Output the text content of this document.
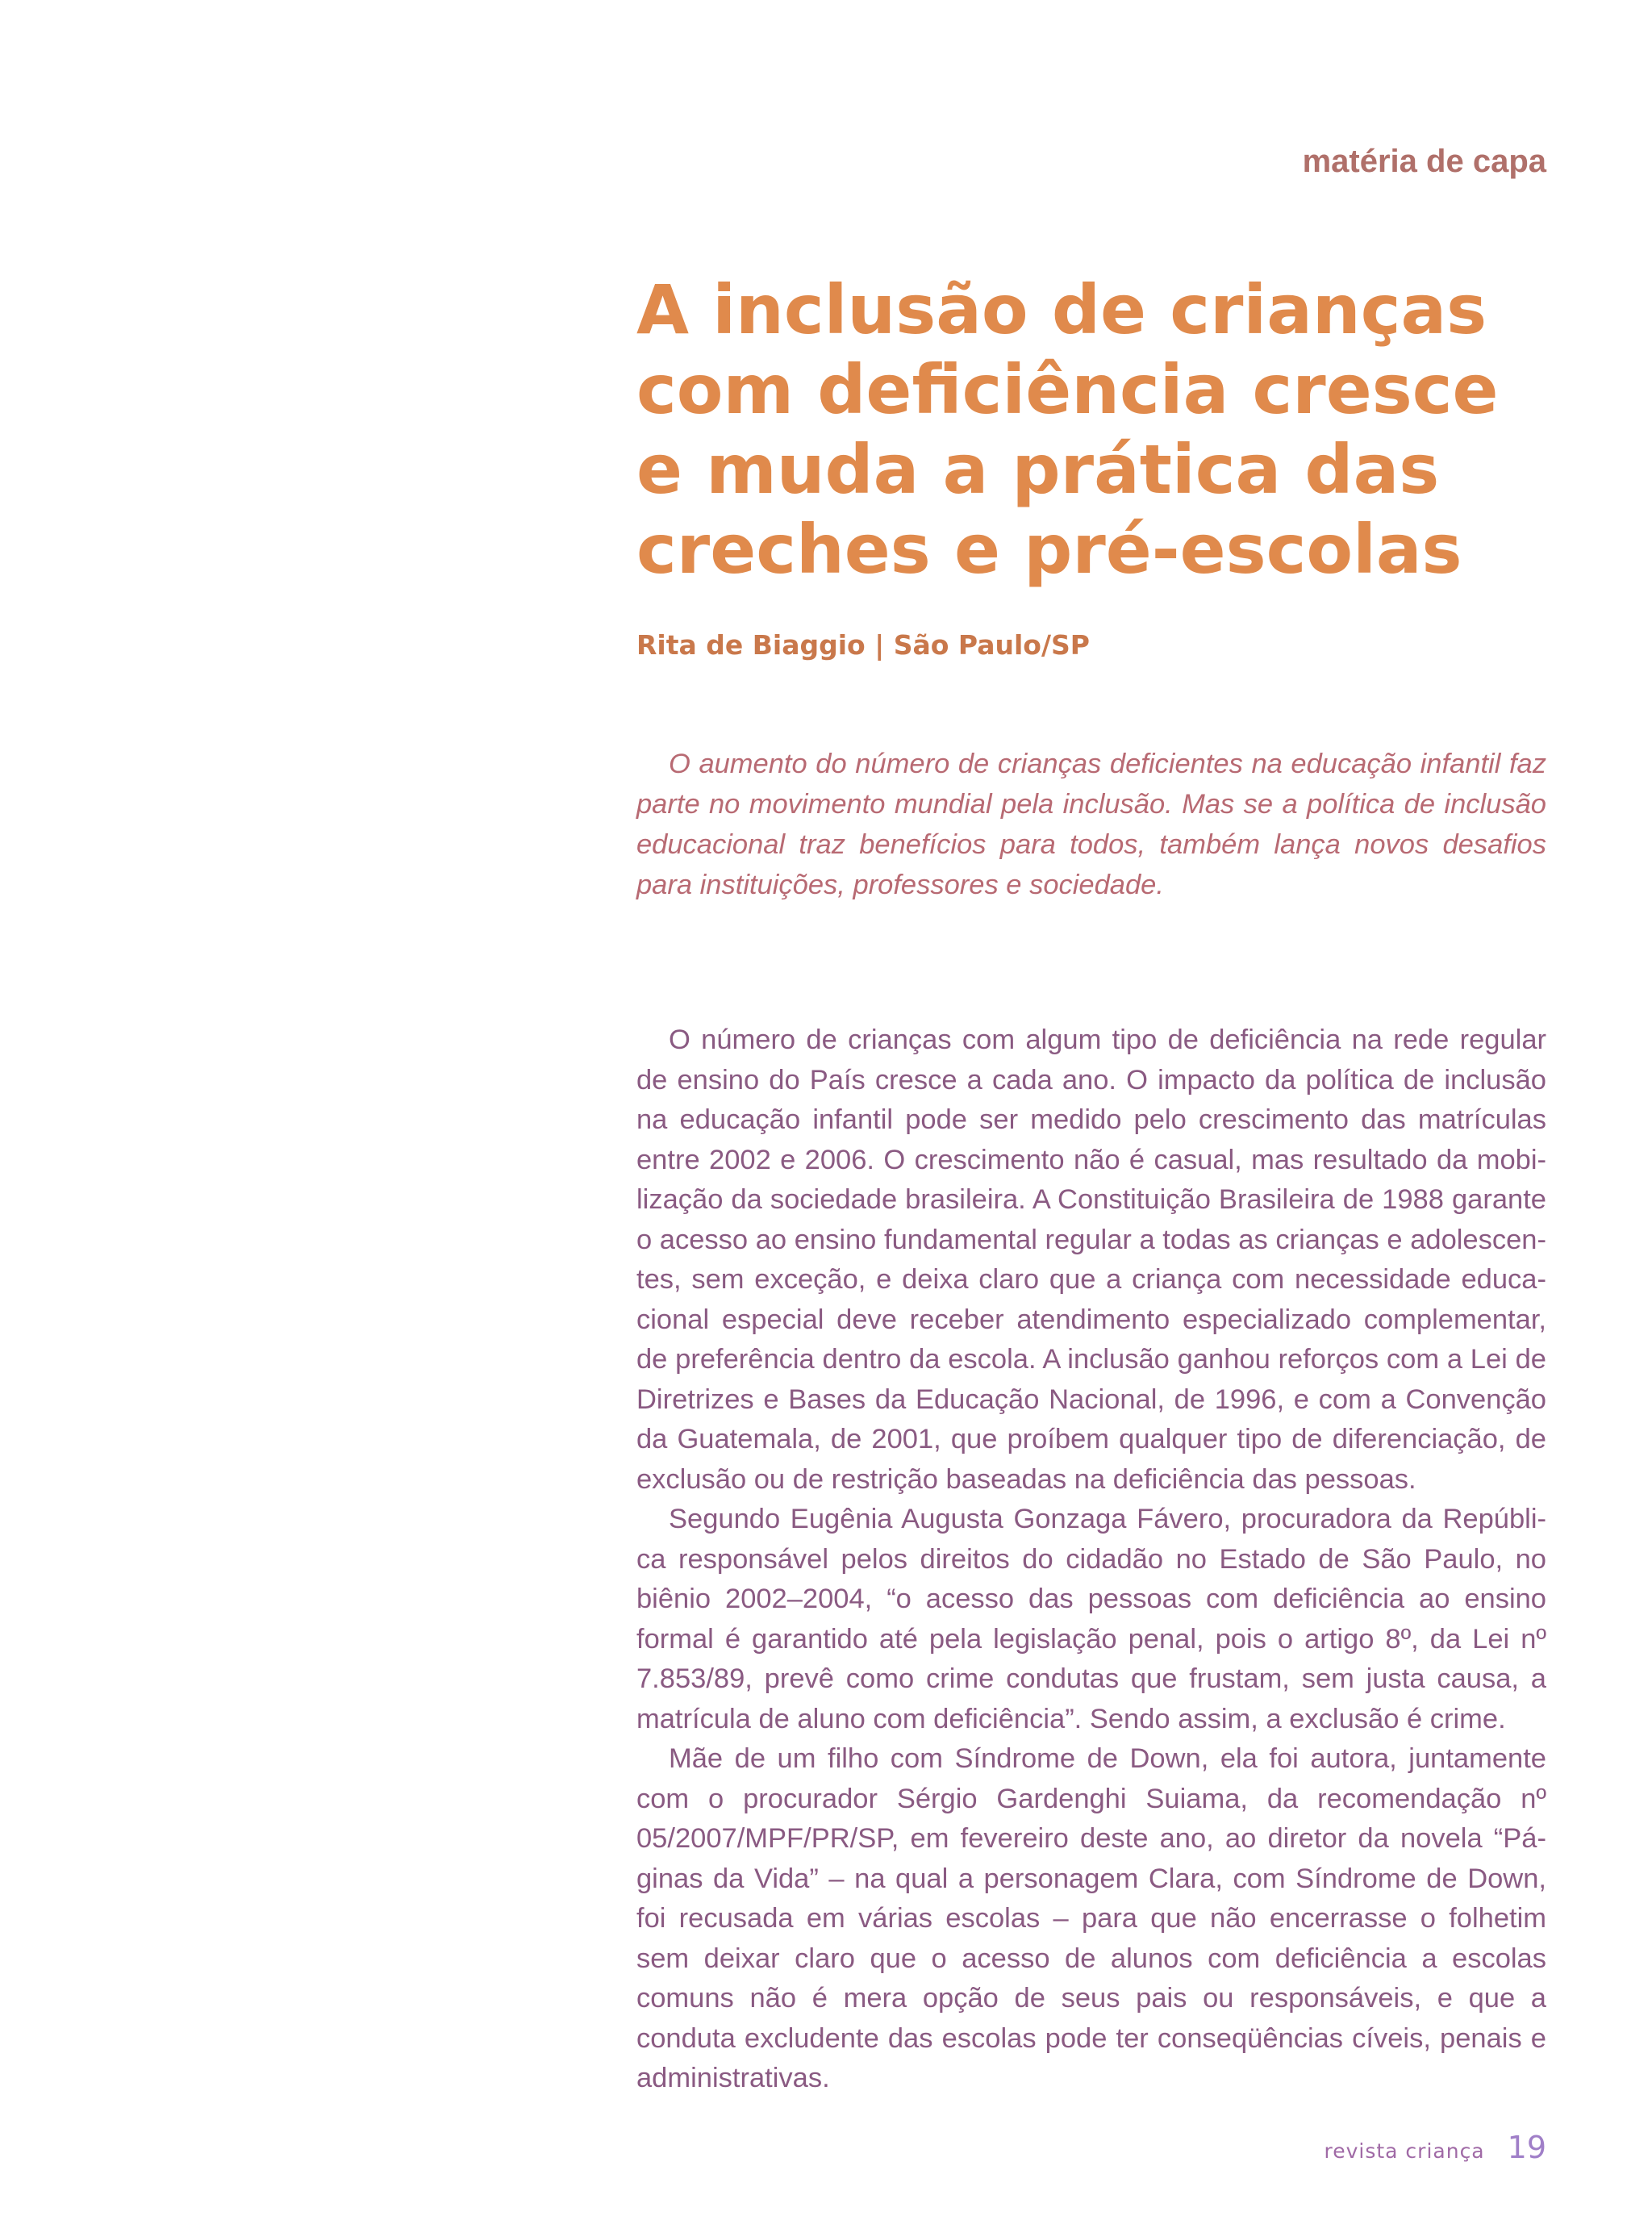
matéria de capa
A inclusão de crianças
com deficiência cresce
e muda a prática das
creches e pré-escolas
Rita de Biaggio | São Paulo/SP

O aumento do número de crianças deficientes na educação infantil faz parte no movimento mundial pela inclusão. Mas se a política de inclusão educacional traz benefícios para todos, também lança novos desafios para instituições, professores e sociedade.

O número de crianças com algum tipo de deficiência na rede regular de ensino do País cresce a cada ano. O impacto da política de inclusão na educação infantil pode ser medido pelo crescimento das matrículas entre 2002 e 2006. O crescimento não é casual, mas resultado da mobilização da sociedade brasileira. A Constituição Brasileira de 1988 garante o acesso ao ensino fundamental regular a todas as crianças e adolescentes, sem exceção, e deixa claro que a criança com necessidade educacional especial deve receber atendimento especializado complementar, de preferência dentro da escola. A inclusão ganhou reforços com a Lei de Diretrizes e Bases da Educação Nacional, de 1996, e com a Convenção da Guatemala, de 2001, que proíbem qualquer tipo de diferenciação, de exclusão ou de restrição baseadas na deficiência das pessoas.

Segundo Eugênia Augusta Gonzaga Fávero, procuradora da República responsável pelos direitos do cidadão no Estado de São Paulo, no biênio 2002–2004, “o acesso das pessoas com deficiência ao ensino formal é garantido até pela legislação penal, pois o artigo 8º, da Lei nº 7.853/89, prevê como crime condutas que frustam, sem justa causa, a matrícula de aluno com deficiência”. Sendo assim, a exclusão é crime.

Mãe de um filho com Síndrome de Down, ela foi autora, juntamente com o procurador Sérgio Gardenghi Suiama, da recomendação nº 05/2007/MPF/PR/SP, em fevereiro deste ano, ao diretor da novela “Páginas da Vida” – na qual a personagem Clara, com Síndrome de Down, foi recusada em várias escolas – para que não encerrasse o folhetim sem deixar claro que o acesso de alunos com deficiência a escolas comuns não é mera opção de seus pais ou responsáveis, e que a conduta excludente das escolas pode ter conseqüências cíveis, penais e administrativas.

revista criança 19
